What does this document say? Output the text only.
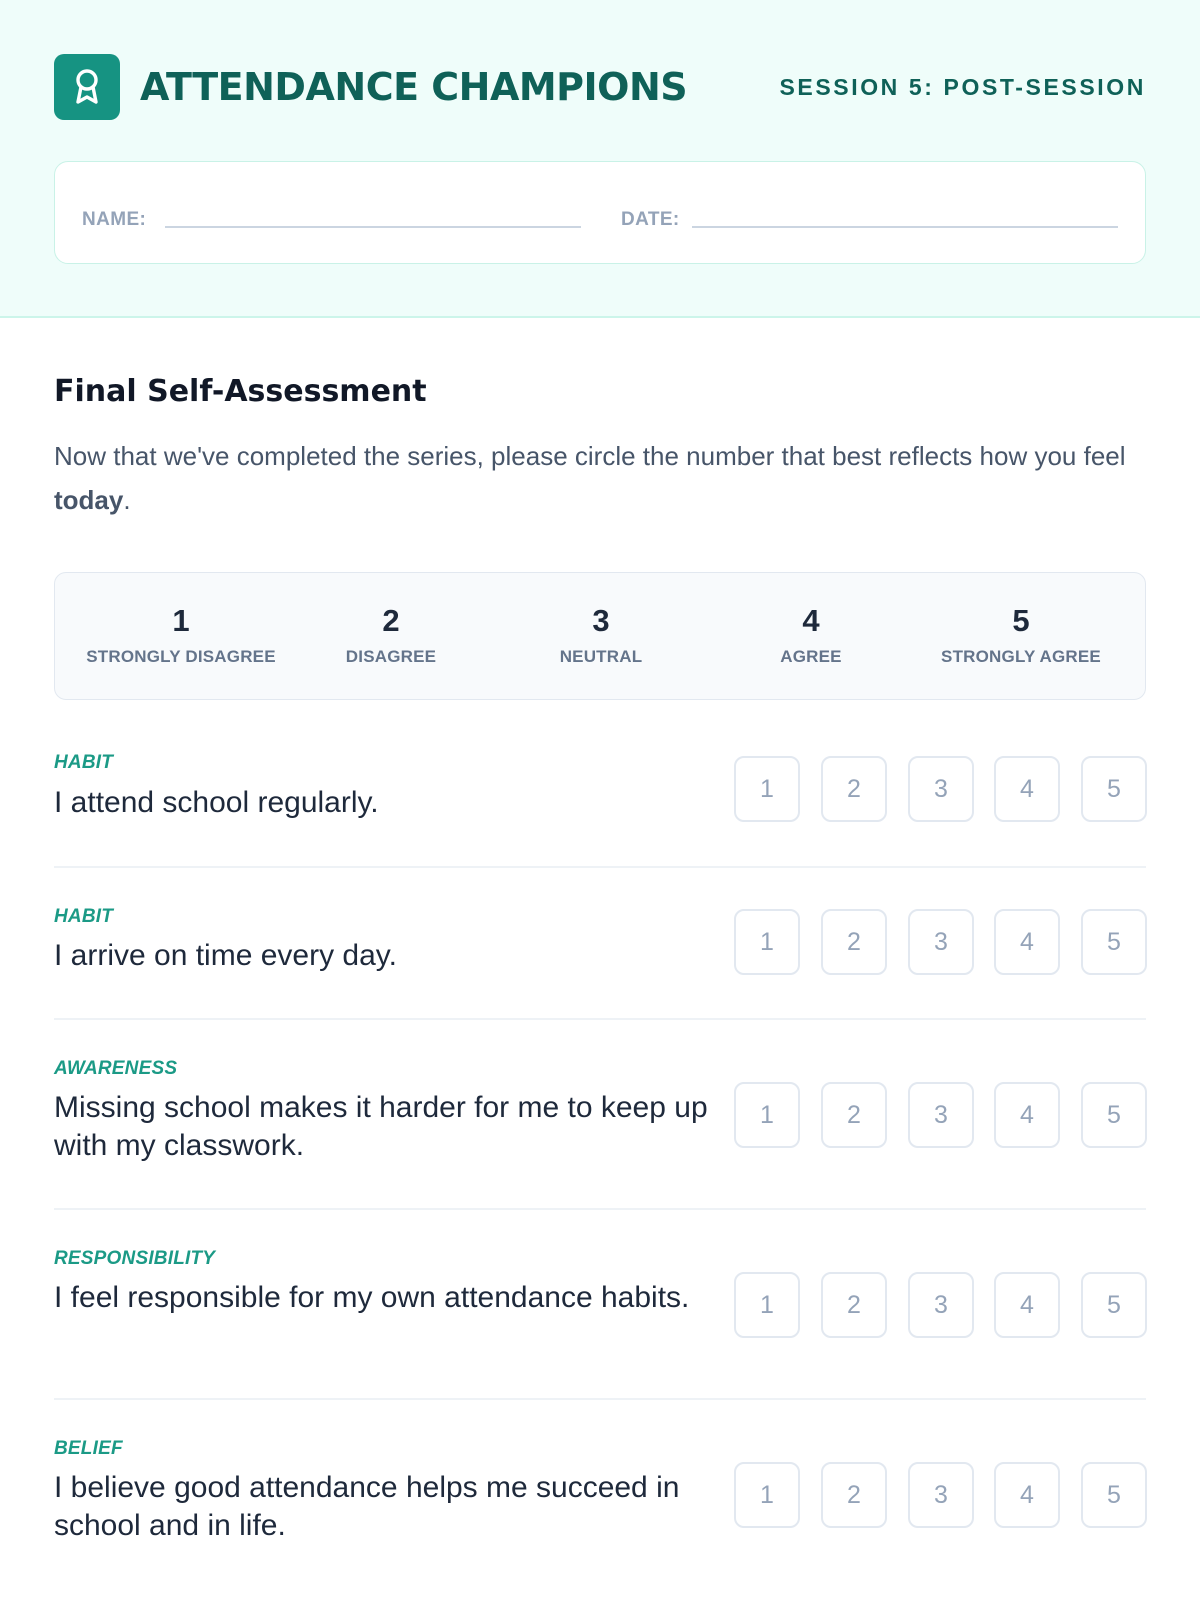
ATTENDANCE CHAMPIONS	SESSION 5: POST-SESSION
NAME:	DATE:
Final Self-Assessment
Now that we've completed the series, please circle the number that best reflects how you feel today.
1
STRONGLY DISAGREE
2
DISAGREE
3
NEUTRAL
4
AGREE
5
STRONGLY AGREE
HABIT
I attend school regularly.	1	2	3	4	5
HABIT
I arrive on time every day.	1	2	3	4	5
AWARENESS
Missing school makes it harder for me to keep up with my classwork.
1	2	3	4	5
RESPONSIBILITY
I feel responsible for my own attendance habits.	1	2	3	4	5
BELIEF
I believe good attendance helps me succeed in school and in life.
1	2	3	4	5
